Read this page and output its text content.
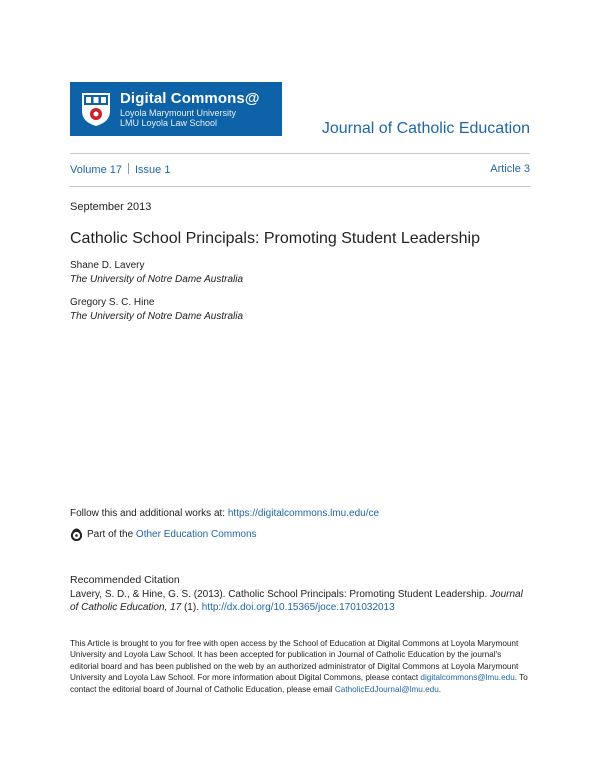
Digital Commons@
Loyola Marymount University
LMU Loyola Law School	Journal of Catholic Education
Volume 17 Issue 1	Article 3
September 2013
Catholic School Principals: Promoting Student Leadership
Shane D. Lavery
The University of Notre Dame Australia
Gregory S. C. Hine
The University of Notre Dame Australia
Follow this and additional works at: https://digitalcommons.lmu.edu/ce
Part of the
Other Education Commons
Recommended Citation
Lavery, S. D., & Hine, G. S. (2013). Catholic School Principals: Promoting Student Leadership. Journal of Catholic Education, 17 (1). http://dx.doi.org/10.15365/joce.1701032013
This Article is brought to you for free with open access by the School of Education at Digital Commons at Loyola Marymount University and Loyola Law School. It has been accepted for publication in Journal of Catholic Education by the journal's editorial board and has been published on the web by an authorized administrator of Digital Commons at Loyola Marymount University and Loyola Law School. For more information about Digital Commons, please contact digitalcommons@lmu.edu. To contact the editorial board of Journal of Catholic Education, please email CatholicEdJournal@lmu.edu.
